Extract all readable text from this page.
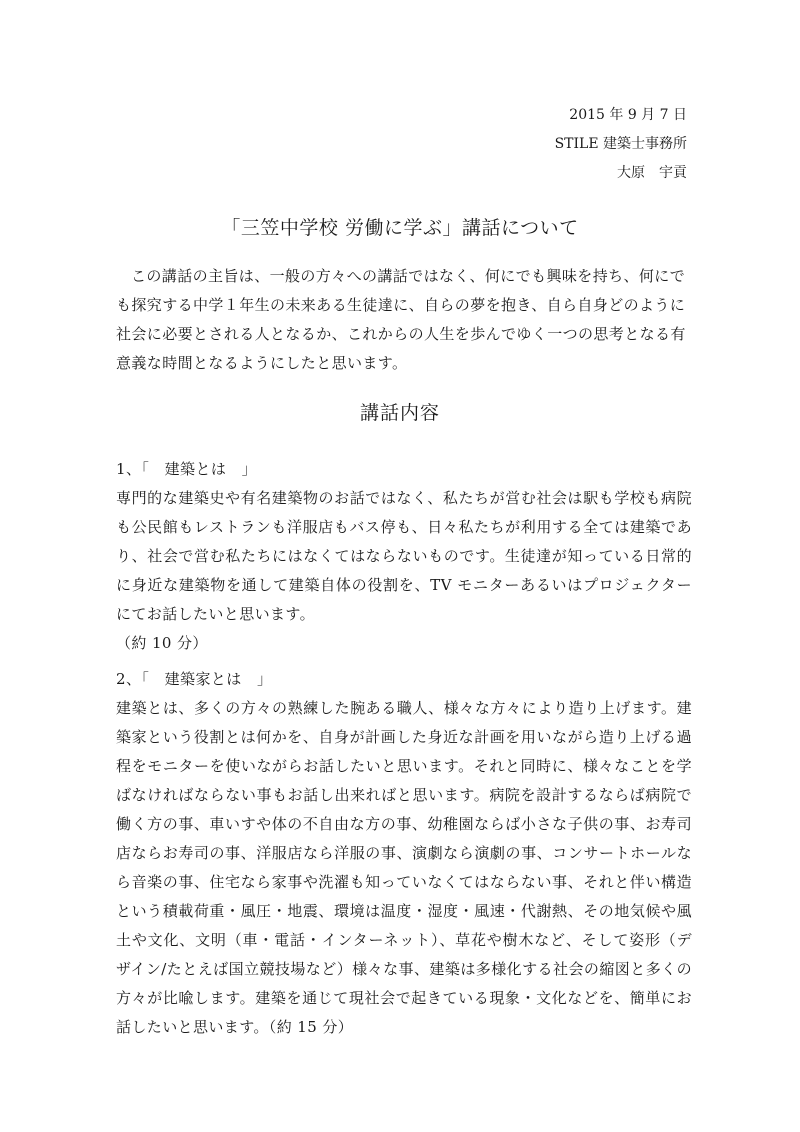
2015 年 9 月 7 日
STILE 建築士事務所
大原　宇貢
「三笠中学校 労働に学ぶ」講話について

この講話の主旨は、一般の方々への講話ではなく、何にでも興味を持ち、何にでも探究する中学１年生の未来ある生徒達に、自らの夢を抱き、自ら自身どのように社会に必要とされる人となるか、これからの人生を歩んでゆく一つの思考となる有意義な時間となるようにしたと思います。

講話内容
1、「　建築とは　」

専門的な建築史や有名建築物のお話ではなく、私たちが営む社会は駅も学校も病院も公民館もレストランも洋服店もバス停も、日々私たちが利用する全ては建築であり、社会で営む私たちにはなくてはならないものです。生徒達が知っている日常的に身近な建築物を通して建築自体の役割を、TV モニターあるいはプロジェクターにてお話したいと思います。

（約 10 分）
2、「　建築家とは　」

建築とは、多くの方々の熟練した腕ある職人、様々な方々により造り上げます。建築家という役割とは何かを、自身が計画した身近な計画を用いながら造り上げる過程をモニターを使いながらお話したいと思います。それと同時に、様々なことを学ばなければならない事もお話し出来ればと思います。病院を設計するならば病院で働く方の事、車いすや体の不自由な方の事、幼稚園ならば小さな子供の事、お寿司店ならお寿司の事、洋服店なら洋服の事、演劇なら演劇の事、コンサートホールなら音楽の事、住宅なら家事や洗濯も知っていなくてはならない事、それと伴い構造という積載荷重・風圧・地震、環境は温度・湿度・風速・代謝熱、その地気候や風土や文化、文明（車・電話・インターネット）、草花や樹木など、そして姿形（デザイン/たとえば国立競技場など）様々な事、建築は多様化する社会の縮図と多くの方々が比喩します。建築を通じて現社会で起きている現象・文化などを、簡単にお話したいと思います。（約 15 分）
